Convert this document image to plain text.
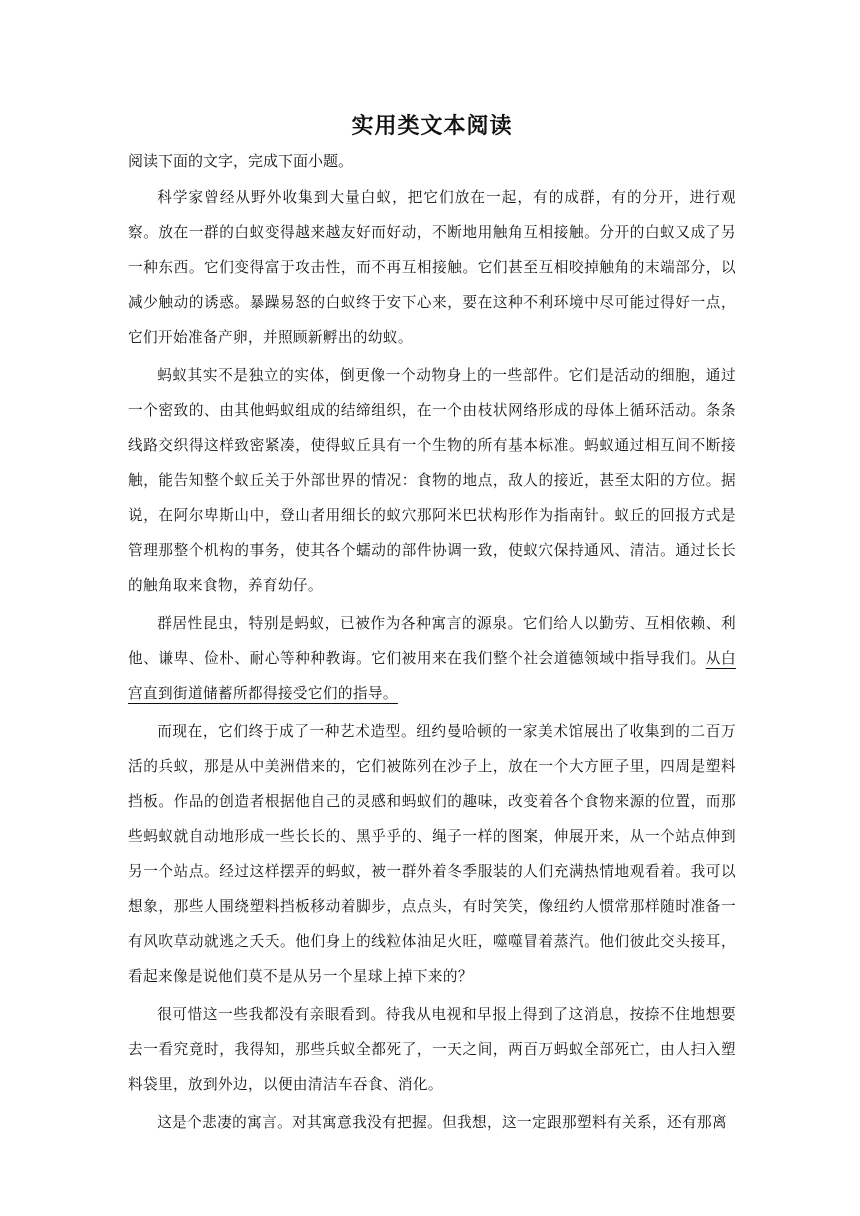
实用类文本阅读

阅读下面的文字，完成下面小题。

科学家曾经从野外收集到大量白蚁，把它们放在一起，有的成群，有的分开，进行观察。放在一群的白蚁变得越来越友好而好动，不断地用触角互相接触。分开的白蚁又成了另一种东西。它们变得富于攻击性，而不再互相接触。它们甚至互相咬掉触角的末端部分，以减少触动的诱惑。暴躁易怒的白蚁终于安下心来，要在这种不利环境中尽可能过得好一点，它们开始准备产卵，并照顾新孵出的幼蚁。

蚂蚁其实不是独立的实体，倒更像一个动物身上的一些部件。它们是活动的细胞，通过一个密致的、由其他蚂蚁组成的结缔组织，在一个由枝状网络形成的母体上循环活动。条条线路交织得这样致密紧凑，使得蚁丘具有一个生物的所有基本标准。蚂蚁通过相互间不断接触，能告知整个蚁丘关于外部世界的情况：食物的地点，敌人的接近，甚至太阳的方位。据说，在阿尔卑斯山中，登山者用细长的蚁穴那阿米巴状构形作为指南针。蚁丘的回报方式是管理那整个机构的事务，使其各个蠕动的部件协调一致，使蚁穴保持通风、清洁。通过长长的触角取来食物，养育幼仔。

群居性昆虫，特别是蚂蚁，已被作为各种寓言的源泉。它们给人以勤劳、互相依赖、利他、谦卑、俭朴、耐心等种种教诲。它们被用来在我们整个社会道德领域中指导我们。从白宫直到街道储蓄所都得接受它们的指导。

而现在，它们终于成了一种艺术造型。纽约曼哈顿的一家美术馆展出了收集到的二百万活的兵蚁，那是从中美洲借来的，它们被陈列在沙子上，放在一个大方匣子里，四周是塑料挡板。作品的创造者根据他自己的灵感和蚂蚁们的趣味，改变着各个食物来源的位置，而那些蚂蚁就自动地形成一些长长的、黑乎乎的、绳子一样的图案，伸展开来，从一个站点伸到另一个站点。经过这样摆弄的蚂蚁，被一群外着冬季服装的人们充满热情地观看着。我可以想象，那些人围绕塑料挡板移动着脚步，点点头，有时笑笑，像纽约人惯常那样随时准备一有风吹草动就逃之夭夭。他们身上的线粒体油足火旺，噬噬冒着蒸汽。他们彼此交头接耳，看起来像是说他们莫不是从另一个星球上掉下来的？

很可惜这一些我都没有亲眼看到。待我从电视和早报上得到了这消息，按捺不住地想要去一看究竟时，我得知，那些兵蚁全都死了，一天之间，两百万蚂蚁全部死亡，由人扫入塑料袋里，放到外边，以便由清洁车吞食、消化。

这是个悲凄的寓言。对其寓意我没有把握。但我想，这一定跟那塑料有关系，还有那离
